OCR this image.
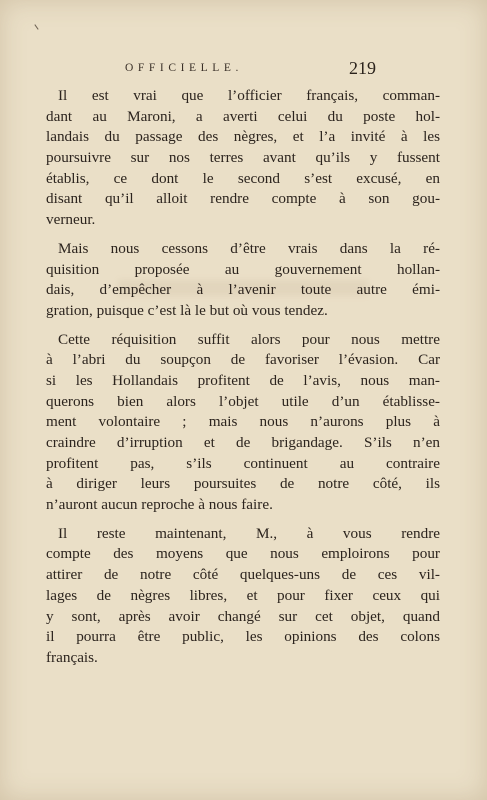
OFFICIELLE.	219
Il est vrai que l’officier français, comman-
dant au Maroni, a averti celui du poste hol-
landais du passage des nègres, et l’a invité à les
poursuivre sur nos terres avant qu’ils y fussent
établis, ce dont le second s’est excusé, en
disant qu’il alloit rendre compte à son gou-
verneur.
Mais nous cessons d’être vrais dans la ré-
quisition proposée au gouvernement hollan-
dais, d’empêcher à l’avenir toute autre émi-
gration, puisque c’est là le but où vous tendez.
Cette réquisition suffit alors pour nous mettre
à l’abri du soupçon de favoriser l’évasion. Car
si les Hollandais profitent de l’avis, nous man-
querons bien alors l’objet utile d’un établisse-
ment volontaire ; mais nous n’aurons plus à
craindre d’irruption et de brigandage. S’ils n’en
profitent pas, s’ils continuent au contraire
à diriger leurs poursuites de notre côté, ils
n’auront aucun reproche à nous faire.
Il reste maintenant, M., à vous rendre
compte des moyens que nous emploirons pour
attirer de notre côté quelques-uns de ces vil-
lages de nègres libres, et pour fixer ceux qui
y sont, après avoir changé sur cet objet, quand
il pourra être public, les opinions des colons
français.
